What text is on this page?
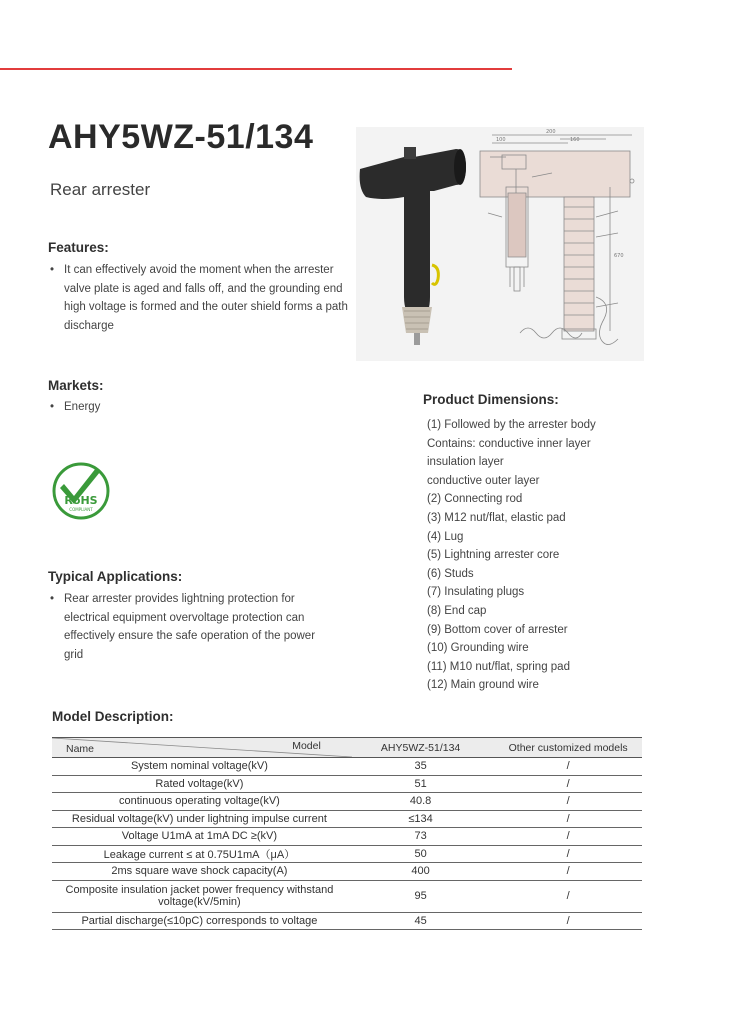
AHY5WZ-51/134
Rear arrester
Features:
• It can effectively avoid the moment when the arrester valve plate is aged and falls off, and the grounding end high voltage is formed and the outer shield forms a path discharge
200
160
100
670
Markets:
• Energy
RoHS
COMPLIANT
Typical Applications:
• Rear arrester provides lightning protection for electrical equipment overvoltage protection can effectively ensure the safe operation of the power grid
Product Dimensions:
(1) Followed by the arrester body
Contains: conductive inner layer
insulation layer
conductive outer layer
(2) Connecting rod
(3) M12 nut/flat, elastic pad
(4) Lug
(5) Lightning arrester core
(6) Studs
(7) Insulating plugs
(8) End cap
(9) Bottom cover of arrester
(10) Grounding wire
(11) M10 nut/flat, spring pad
(12) Main ground wire
Model Description:
Name Model	AHY5WZ-51/134	Other customized models
System nominal voltage(kV)	35	/
Rated voltage(kV)	51	/
continuous operating voltage(kV)	40.8	/
Residual voltage(kV) under lightning impulse current	≤134	/
Voltage U1mA at 1mA DC ≥(kV)	73	/
Leakage current ≤ at 0.75U1mA（μA）	50	/
2ms square wave shock capacity(A)	400	/
Composite insulation jacket power frequency withstand voltage(kV/5min)	95	/
Partial discharge(≤10pC) corresponds to voltage	45	/
